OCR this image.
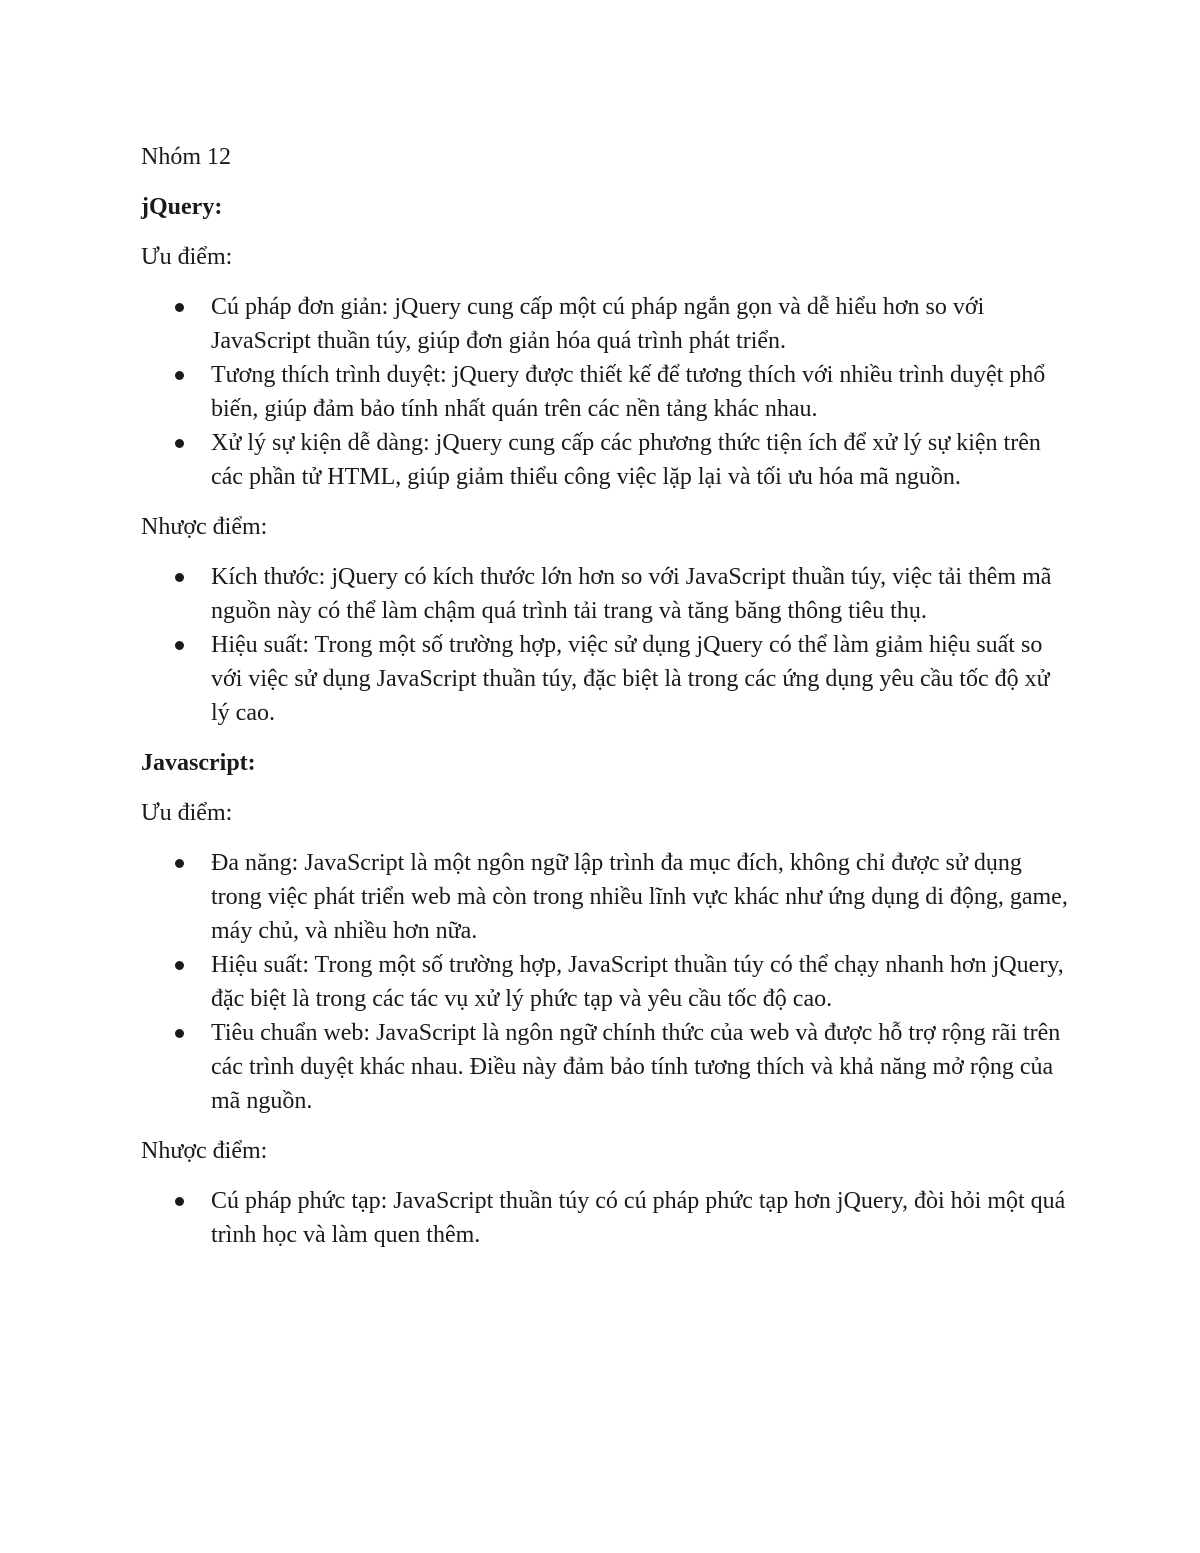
Nhóm 12

jQuery:

Ưu điểm:

Cú pháp đơn giản: jQuery cung cấp một cú pháp ngắn gọn và dễ hiểu hơn so với JavaScript thuần túy, giúp đơn giản hóa quá trình phát triển.
Tương thích trình duyệt: jQuery được thiết kế để tương thích với nhiều trình duyệt phổ biến, giúp đảm bảo tính nhất quán trên các nền tảng khác nhau.
Xử lý sự kiện dễ dàng: jQuery cung cấp các phương thức tiện ích để xử lý sự kiện trên các phần tử HTML, giúp giảm thiểu công việc lặp lại và tối ưu hóa mã nguồn.

Nhược điểm:

Kích thước: jQuery có kích thước lớn hơn so với JavaScript thuần túy, việc tải thêm mã nguồn này có thể làm chậm quá trình tải trang và tăng băng thông tiêu thụ.
Hiệu suất: Trong một số trường hợp, việc sử dụng jQuery có thể làm giảm hiệu suất so với việc sử dụng JavaScript thuần túy, đặc biệt là trong các ứng dụng yêu cầu tốc độ xử lý cao.

Javascript:

Ưu điểm:

Đa năng: JavaScript là một ngôn ngữ lập trình đa mục đích, không chỉ được sử dụng trong việc phát triển web mà còn trong nhiều lĩnh vực khác như ứng dụng di động, game, máy chủ, và nhiều hơn nữa.
Hiệu suất: Trong một số trường hợp, JavaScript thuần túy có thể chạy nhanh hơn jQuery, đặc biệt là trong các tác vụ xử lý phức tạp và yêu cầu tốc độ cao.
Tiêu chuẩn web: JavaScript là ngôn ngữ chính thức của web và được hỗ trợ rộng rãi trên các trình duyệt khác nhau. Điều này đảm bảo tính tương thích và khả năng mở rộng của mã nguồn.

Nhược điểm:

Cú pháp phức tạp: JavaScript thuần túy có cú pháp phức tạp hơn jQuery, đòi hỏi một quá trình học và làm quen thêm.
